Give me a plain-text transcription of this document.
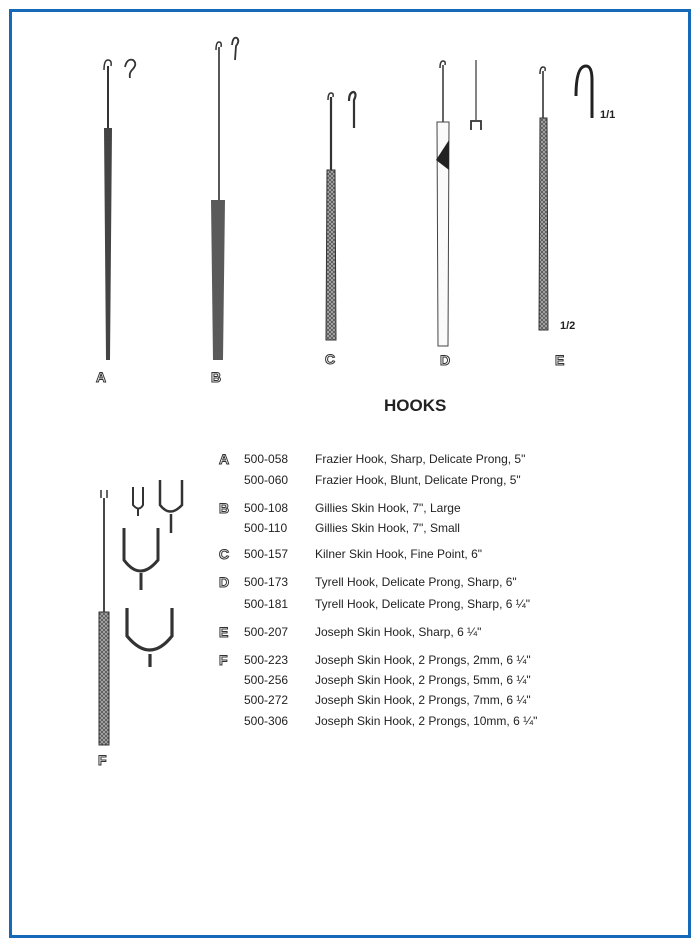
A	B
C	D	E
F
1/1
1/2
HOOKS
A 500-058 Frazier Hook, Sharp, Delicate Prong, 5"
500-060 Frazier Hook, Blunt, Delicate Prong, 5"
B 500-108 Gillies Skin Hook, 7", Large
500-110 Gillies Skin Hook, 7", Small
C 500-157 Kilner Skin Hook, Fine Point, 6"
D 500-173 Tyrell Hook, Delicate Prong, Sharp, 6"
500-181 Tyrell Hook, Delicate Prong, Sharp, 6 ¼"
E 500-207 Joseph Skin Hook, Sharp, 6 ¼"
F 500-223 Joseph Skin Hook, 2 Prongs, 2mm, 6 ¼"
500-256 Joseph Skin Hook, 2 Prongs, 5mm, 6 ¼"
500-272 Joseph Skin Hook, 2 Prongs, 7mm, 6 ¼"
500-306 Joseph Skin Hook, 2 Prongs, 10mm, 6 ¼"
